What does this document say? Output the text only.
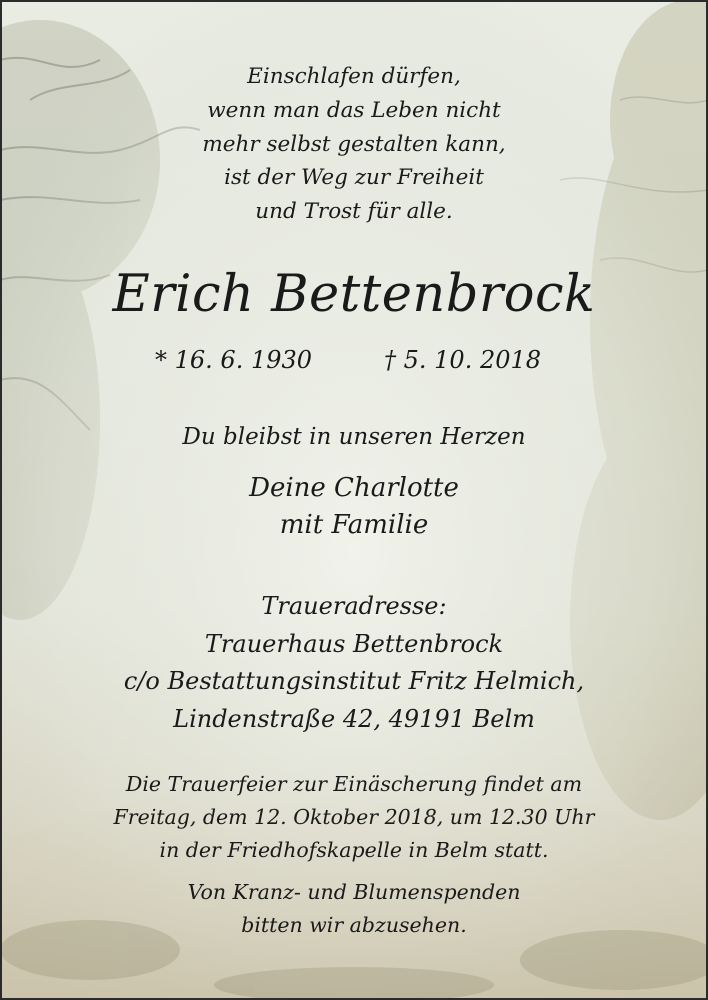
Einschlafen dürfen,
wenn man das Leben nicht
mehr selbst gestalten kann,
ist der Weg zur Freiheit
und Trost für alle.
Erich Bettenbrock
* 16. 6. 1930	† 5. 10. 2018
Du bleibst in unseren Herzen
Deine Charlotte
mit Familie
Traueradresse:
Trauerhaus Bettenbrock
c/o Bestattungsinstitut Fritz Helmich,
Lindenstraße 42, 49191 Belm
Die Trauerfeier zur Einäscherung findet am
Freitag, dem 12. Oktober 2018, um 12.30 Uhr
in der Friedhofskapelle in Belm statt.
Von Kranz- und Blumenspenden
bitten wir abzusehen.
